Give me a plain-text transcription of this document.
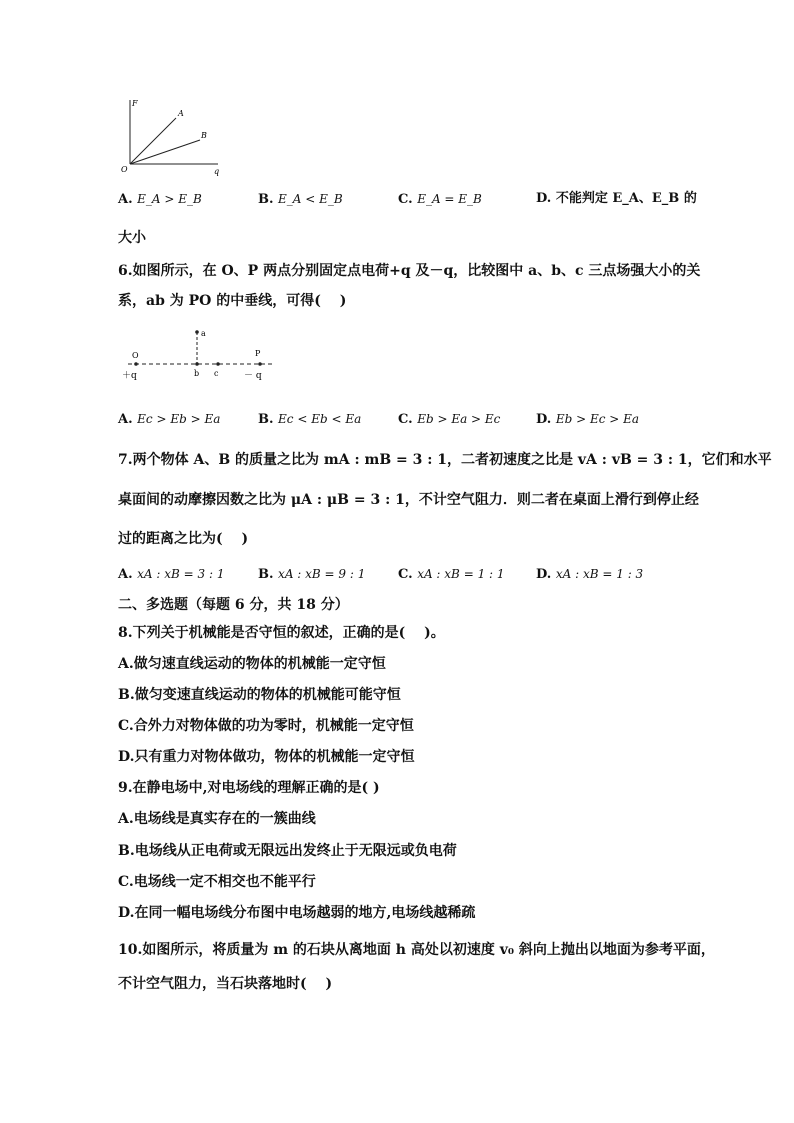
F
q
O
A
B
A. E_A > E_B	B. E_A < E_B	C. E_A = E_B	D. 不能判定 E_A、E_B 的
大小
6.如图所示，在 O、P 两点分别固定点电荷+q 及－q，比较图中 a、b、c 三点场强大小的关
系，ab 为 PO 的中垂线，可得(　 )
O
＋q
a
b c
P
－ q
A. Ec > Eb > Ea	B. Ec < Eb < Ea	C. Eb > Ea > Ec	D. Eb > Ec > Ea
7.两个物体 A、B 的质量之比为 mA : mB = 3 : 1，二者初速度之比是 vA : vB = 3 : 1，它们和水平
桌面间的动摩擦因数之比为 μA : μB = 3 : 1，不计空气阻力．则二者在桌面上滑行到停止经
过的距离之比为(　 )
A. xA : xB = 3 : 1	B. xA : xB = 9 : 1	C. xA : xB = 1 : 1 D. xA : xB = 1 : 3
二、多选题（每题 6 分，共 18 分）
8.下列关于机械能是否守恒的叙述，正确的是(　 )。
A.做匀速直线运动的物体的机械能一定守恒
B.做匀变速直线运动的物体的机械能可能守恒
C.合外力对物体做的功为零时，机械能一定守恒
D.只有重力对物体做功，物体的机械能一定守恒
9.在静电场中,对电场线的理解正确的是( )
A.电场线是真实存在的一簇曲线
B.电场线从正电荷或无限远出发终止于无限远或负电荷
C.电场线一定不相交也不能平行
D.在同一幅电场线分布图中电场越弱的地方,电场线越稀疏
10.如图所示，将质量为 m 的石块从离地面 h 高处以初速度 v₀ 斜向上抛出以地面为参考平面，
不计空气阻力，当石块落地时(　 )
